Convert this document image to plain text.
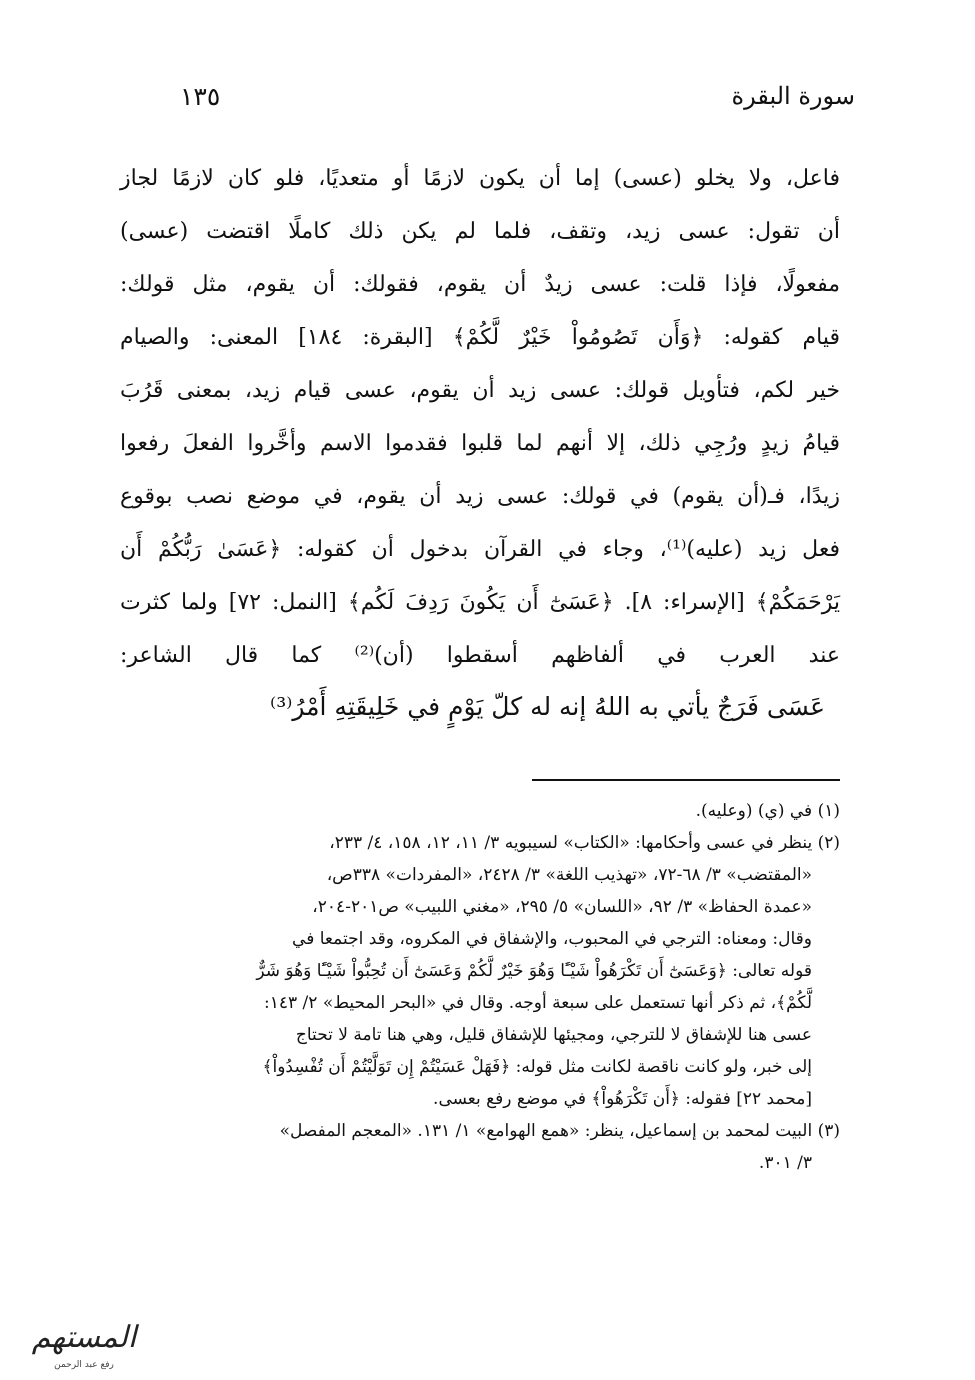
سورة البقرة
١٣٥

فاعل، ولا يخلو (عسى) إما أن يكون لازمًا أو متعديًا، فلو كان لازمًا لجاز

أن تقول: عسى زيد، وتقف، فلما لم يكن ذلك كاملًا اقتضت (عسى)

مفعولًا، فإذا قلت: عسى زيدٌ أن يقوم، فقولك: أن يقوم، مثل قولك:

قيام كقوله: ﴿وَأَن تَصُومُواْ خَيْرٌ لَّكُمْ﴾ [البقرة: ١٨٤] المعنى: والصيام

خير لكم، فتأويل قولك: عسى زيد أن يقوم، عسى قيام زيد، بمعنى قَرُبَ

قيامُ زيدٍ ورُجِي ذلك، إلا أنهم لما قلبوا فقدموا الاسم وأخَّروا الفعلَ رفعوا

زيدًا، فـ(أن يقوم) في قولك: عسى زيد أن يقوم، في موضع نصب بوقوع

فعل زيد (عليه)⁽¹⁾، وجاء في القرآن بدخول أن كقوله: ﴿عَسَىٰ رَبُّكُمْ أَن

يَرْحَمَكُمْ﴾ [الإسراء: ٨]. ﴿عَسَىٰٓ أَن يَكُونَ رَدِفَ لَكُم﴾ [النمل: ٧٢] ولما كثرت

عند العرب في ألفاظهم أسقطوا (أن)⁽²⁾ كما قال الشاعر:

عَسَى فَرَجٌ يأتي به اللهُ إنه له كلّ يَوْمٍ في خَلِيقَتِهِ أَمْرُ⁽³⁾

(١) في (ي) (وعليه).

(٢) ينظر في عسى وأحكامها: «الكتاب» لسيبويه ٣/ ١١، ١٢، ١٥٨، ٤/ ٢٣٣،

«المقتضب» ٣/ ٦٨-٧٢، «تهذيب اللغة» ٣/ ٢٤٢٨، «المفردات» ٣٣٨ص،

«عمدة الحفاظ» ٣/ ٩٢، «اللسان» ٥/ ٢٩٥، «مغني اللبيب» ص٢٠١-٢٠٤،

وقال: ومعناه: الترجي في المحبوب، والإشفاق في المكروه، وقد اجتمعا في

قوله تعالى: ﴿وَعَسَىٰٓ أَن تَكْرَهُواْ شَيْـًٔا وَهُوَ خَيْرٌ لَّكُمْ وَعَسَىٰٓ أَن تُحِبُّواْ شَيْـًٔا وَهُوَ شَرٌّ

لَّكُمْ﴾، ثم ذكر أنها تستعمل على سبعة أوجه. وقال في «البحر المحيط» ٢/ ١٤٣:

عسى هنا للإشفاق لا للترجي، ومجيئها للإشفاق قليل، وهي هنا تامة لا تحتاج

إلى خبر، ولو كانت ناقصة لكانت مثل قوله: ﴿فَهَلْ عَسَيْتُمْ إِن تَوَلَّيْتُمْ أَن تُفْسِدُواْ﴾

[محمد ٢٢] فقوله: ﴿أَن تَكْرَهُواْ﴾ في موضع رفع بعسى.

(٣) البيت لمحمد بن إسماعيل، ينظر: «همع الهوامع» ١/ ١٣١. «المعجم المفصل»

٣/ ٣٠١.

المستهم
رفع عبد الرحمن
